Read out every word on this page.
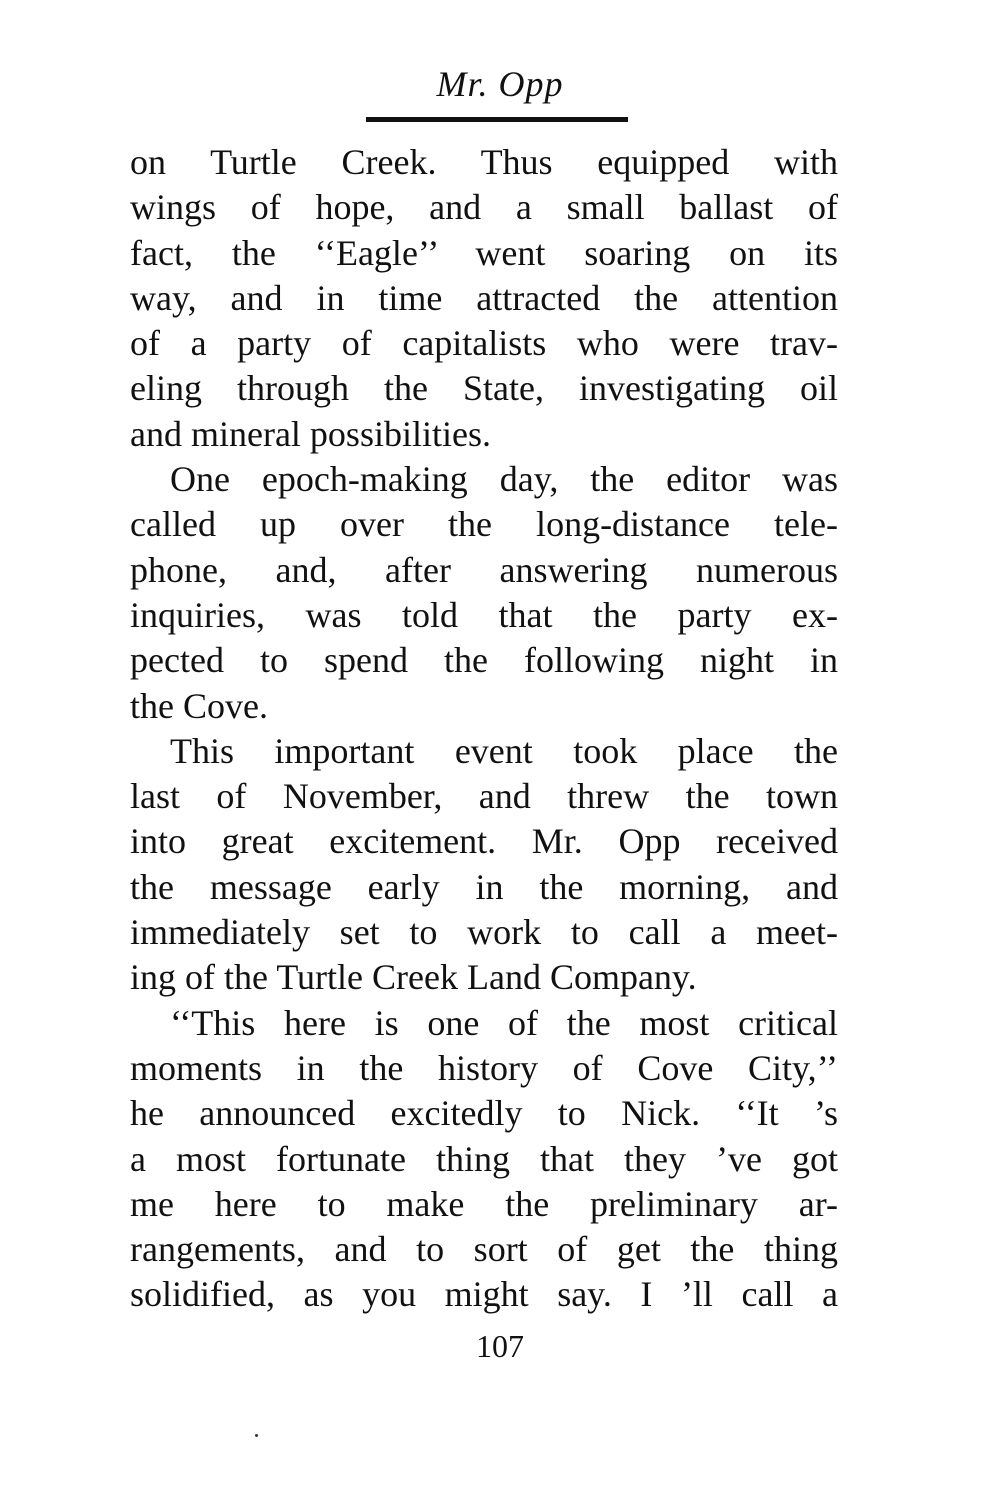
Mr. Opp
on Turtle Creek. Thus equipped with
wings of hope, and a small ballast of
fact, the ‘‘Eagle’’ went soaring on its
way, and in time attracted the attention
of a party of capitalists who were trav-
eling through the State, investigating oil
and mineral possibilities.
One epoch-making day, the editor was
called up over the long-distance tele-
phone, and, after answering numerous
inquiries, was told that the party ex-
pected to spend the following night in
the Cove.
This important event took place the
last of November, and threw the town
into great excitement. Mr. Opp received
the message early in the morning, and
immediately set to work to call a meet-
ing of the Turtle Creek Land Company.
‘‘This here is one of the most critical
moments in the history of Cove City,’’
he announced excitedly to Nick. ‘‘It ’s
a most fortunate thing that they ’ve got
me here to make the preliminary ar-
rangements, and to sort of get the thing
solidified, as you might say. I ’ll call a
107
